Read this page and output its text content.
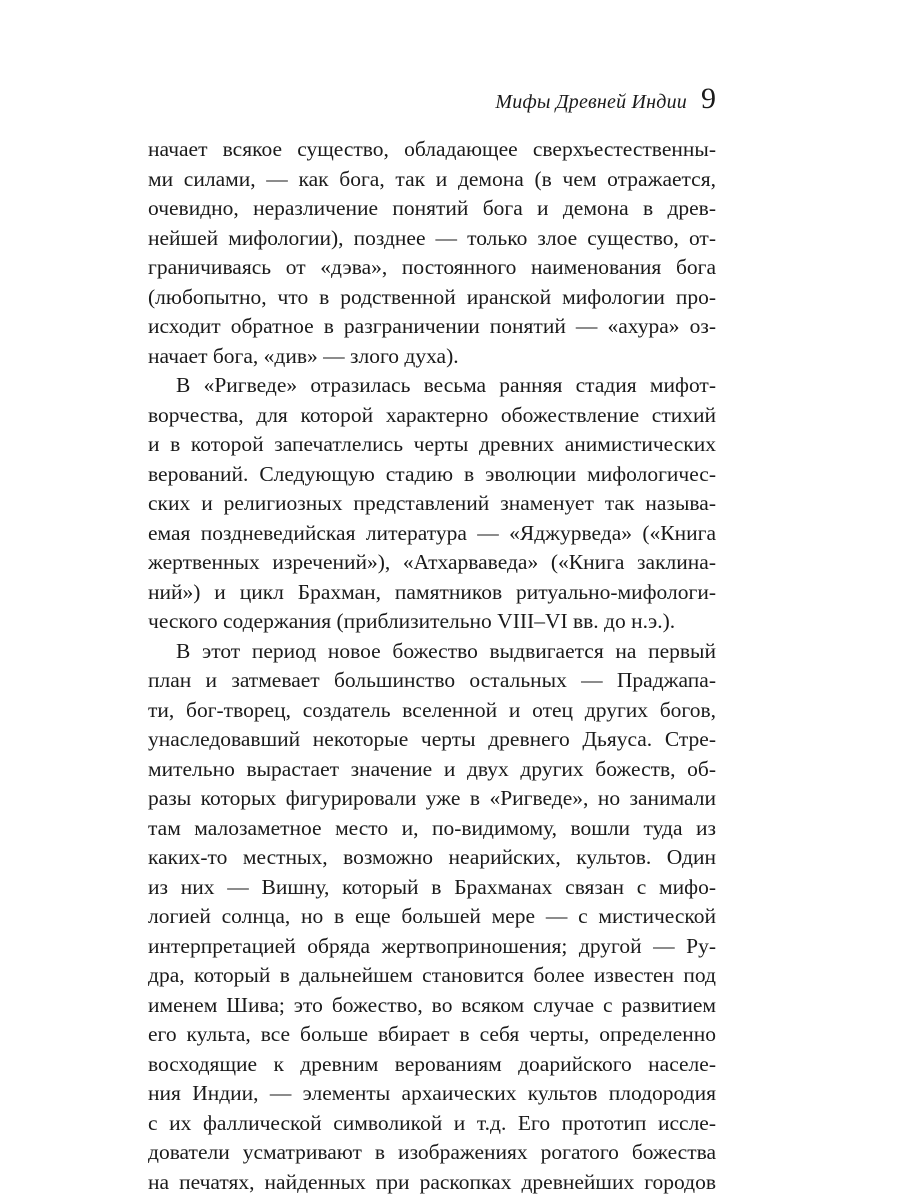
Мифы Древней Индии 9
начает всякое существо, обладающее сверхъестественны-
ми силами, — как бога, так и демона (в чем отражается,
очевидно, неразличение понятий бога и демона в древ-
нейшей мифологии), позднее — только злое существо, от-
граничиваясь от «дэва», постоянного наименования бога
(любопытно, что в родственной иранской мифологии про-
исходит обратное в разграничении понятий — «ахура» оз-
начает бога, «див» — злого духа).
В «Ригведе» отразилась весьма ранняя стадия мифот-
ворчества, для которой характерно обожествление стихий
и в которой запечатлелись черты древних анимистических
верований. Следующую стадию в эволюции мифологичес-
ских и религиозных представлений знаменует так называ-
емая поздневедийская литература — «Яджурведа» («Книга
жертвенных изречений»), «Атхарваведа» («Книга заклина-
ний») и цикл Брахман, памятников ритуально-мифологи-
ческого содержания (приблизительно VIII–VI вв. до н.э.).
В этот период новое божество выдвигается на первый
план и затмевает большинство остальных — Праджапа-
ти, бог-творец, создатель вселенной и отец других богов,
унаследовавший некоторые черты древнего Дьяуса. Стре-
мительно вырастает значение и двух других божеств, об-
разы которых фигурировали уже в «Ригведе», но занимали
там малозаметное место и, по-видимому, вошли туда из
каких-то местных, возможно неарийских, культов. Один
из них — Вишну, который в Брахманах связан с мифо-
логией солнца, но в еще большей мере — с мистической
интерпретацией обряда жертвоприношения; другой — Ру-
дра, который в дальнейшем становится более известен под
именем Шива; это божество, во всяком случае с развитием
его культа, все больше вбирает в себя черты, определенно
восходящие к древним верованиям доарийского населе-
ния Индии, — элементы архаических культов плодородия
с их фаллической символикой и т.д. Его прототип иссле-
дователи усматривают в изображениях рогатого божества
на печатях, найденных при раскопках древнейших городов
